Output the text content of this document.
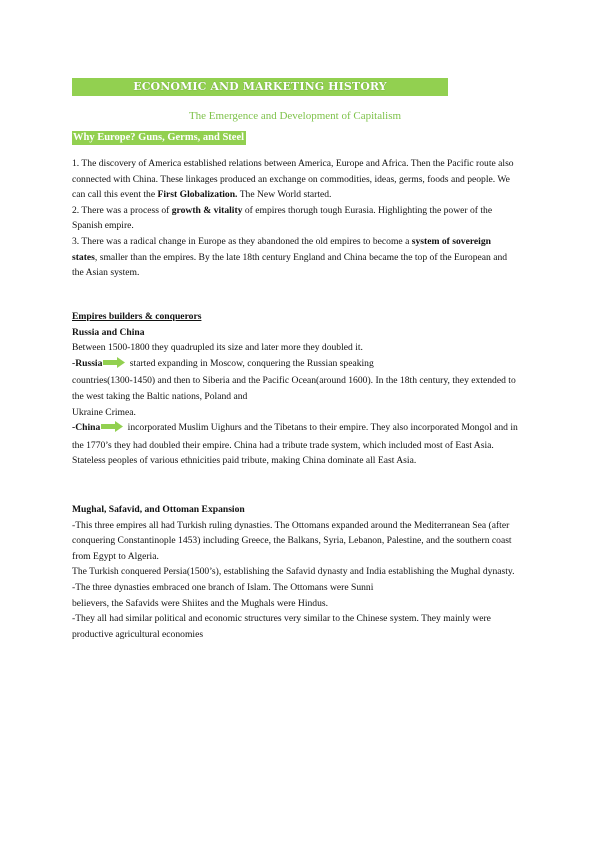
ECONOMIC AND MARKETING HISTORY
The Emergence and Development of Capitalism
Why Europe? Guns, Germs, and Steel

1. The discovery of America established relations between America, Europe and Africa. Then the Pacific route also connected with China. These linkages produced an exchange on commodities, ideas, germs, foods and people. We can call this event the First Globalization. The New World started.

2. There was a process of growth & vitality of empires thorugh tough Eurasia. Highlighting the power of the Spanish empire.

3. There was a radical change in Europe as they abandoned the old empires to become a system of sovereign states, smaller than the empires. By the late 18th century England and China became the top of the European and the Asian system.

Empires builders & conquerors

Russia and China

Between 1500-1800 they quadrupled its size and later more they doubled it.

-Russia	started expanding in Moscow, conquering the Russian speaking

countries(1300-1450) and then to Siberia and the Pacific Ocean(around 1600). In the 18th century, they extended to the west taking the Baltic nations, Poland and

Ukraine Crimea.

-China	incorporated Muslim Uighurs and the Tibetans to their empire. They also incorporated Mongol and in the 1770’s they had doubled their empire. China had a tribute trade system, which included most of East Asia. Stateless peoples of various ethnicities paid tribute, making China dominate all East Asia.

Mughal, Safavid, and Ottoman Expansion

-This three empires all had Turkish ruling dynasties. The Ottomans expanded around the Mediterranean Sea (after conquering Constantinople 1453) including Greece, the Balkans, Syria, Lebanon, Palestine, and the southern coast from Egypt to Algeria.

The Turkish conquered Persia(1500’s), establishing the Safavid dynasty and India establishing the Mughal dynasty.

-The three dynasties embraced one branch of Islam. The Ottomans were Sunni

believers, the Safavids were Shiites and the Mughals were Hindus.

-They all had similar political and economic structures very similar to the Chinese system. They mainly were productive agricultural economies
